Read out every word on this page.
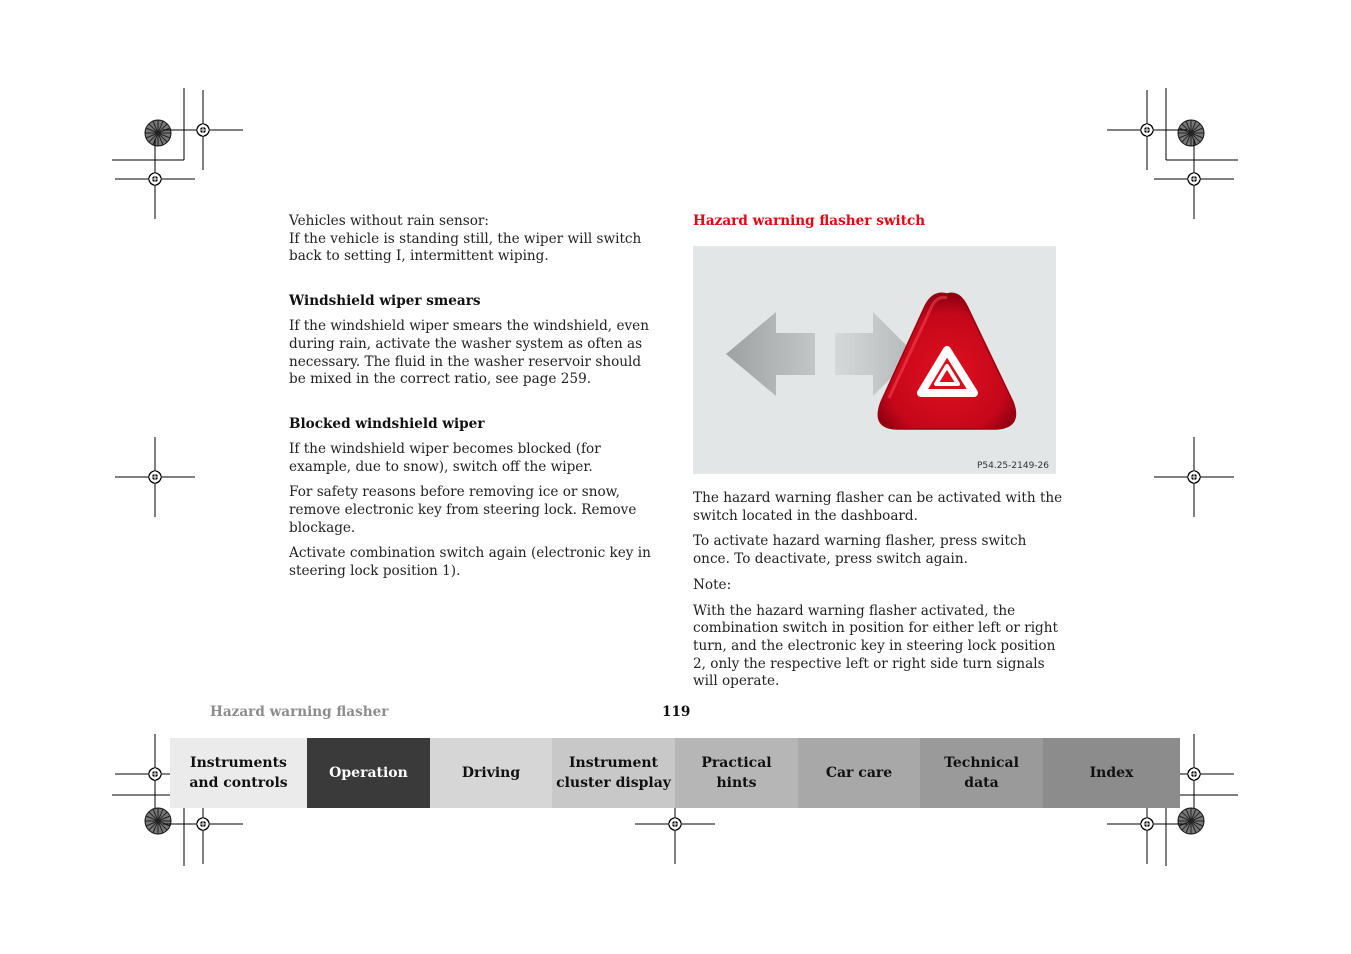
Vehicles without rain sensor:

If the vehicle is standing still, the wiper will switch back to setting I, intermittent wiping.

Windshield wiper smears

If the windshield wiper smears the windshield, even during rain, activate the washer system as often as necessary. The fluid in the washer reservoir should be mixed in the correct ratio, see page 259.

Blocked windshield wiper

If the windshield wiper becomes blocked (for example, due to snow), switch off the wiper.

For safety reasons before removing ice or snow, remove electronic key from steering lock. Remove blockage.

Activate combination switch again (electronic key in steering lock position 1).

Hazard warning flasher switch
P54.25-2149-26

The hazard warning flasher can be activated with the switch located in the dashboard.

To activate hazard warning flasher, press switch once. To deactivate, press switch again.

Note:

With the hazard warning flasher activated, the combination switch in position for either left or right turn, and the electronic key in steering lock position 2, only the respective left or right side turn signals will operate.

Hazard warning flasher	119
Instruments
and controls
Operation	Driving
Instrument
cluster display
Practical hints
Car care
Technical
data
Index
